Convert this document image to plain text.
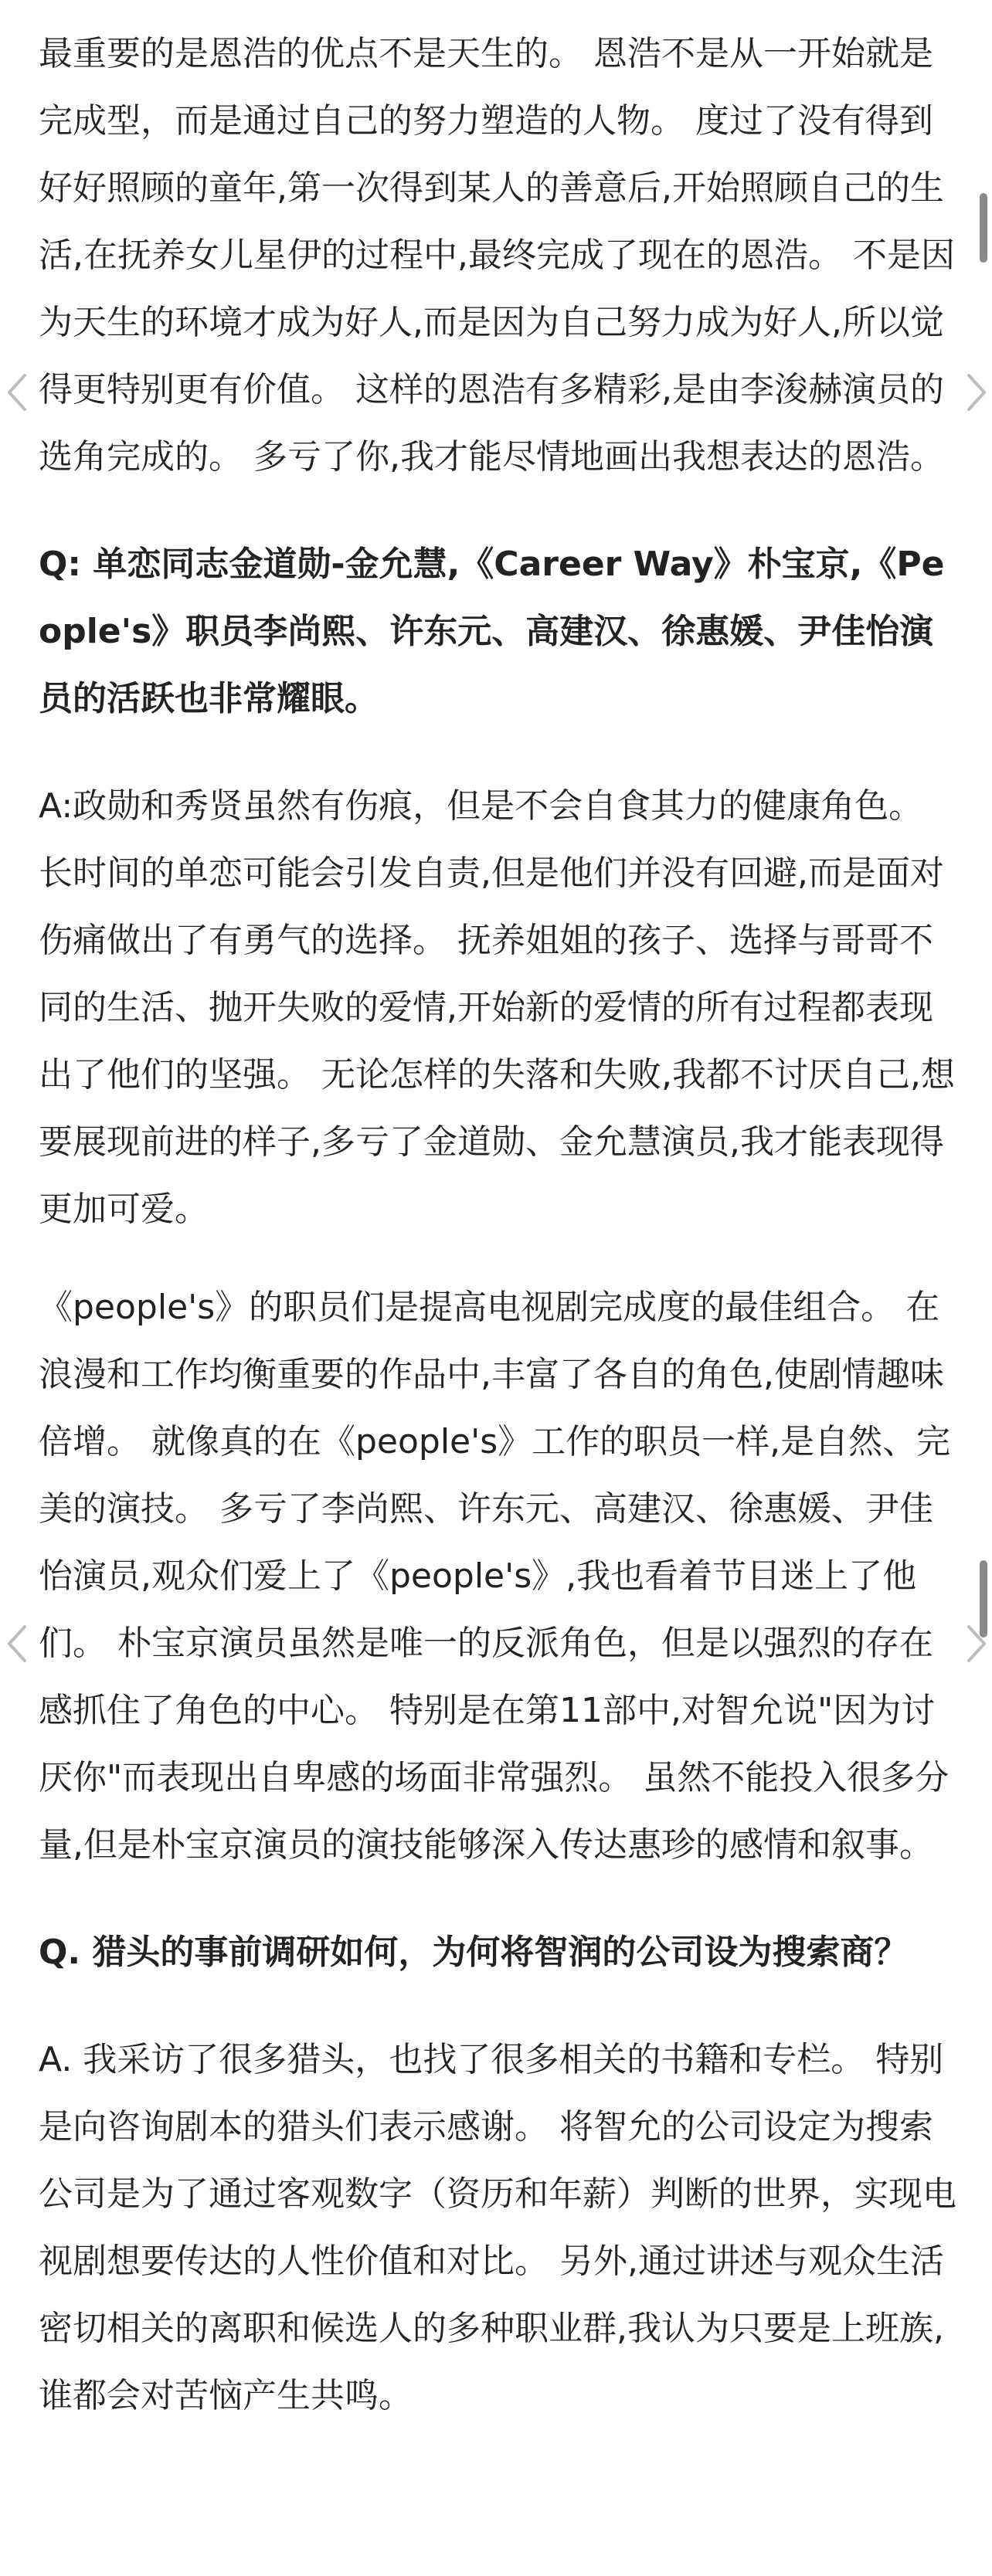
最重要的是恩浩的优点不是天生的。 恩浩不是从一开始就是完成型，而是通过自己的努力塑造的人物。 度过了没有得到好好照顾的童年,第一次得到某人的善意后,开始照顾自己的生活,在抚养女儿星伊的过程中,最终完成了现在的恩浩。 不是因为天生的环境才成为好人,而是因为自己努力成为好人,所以觉得更特别更有价值。 这样的恩浩有多精彩,是由李浚赫演员的选角完成的。 多亏了你,我才能尽情地画出我想表达的恩浩。

Q: 单恋同志金道勋-金允慧,《Career Way》朴宝京,《People's》职员李尚熙、许东元、高建汉、徐惠媛、尹佳怡演员的活跃也非常耀眼。

A:政勋和秀贤虽然有伤痕，但是不会自食其力的健康角色。 长时间的单恋可能会引发自责,但是他们并没有回避,而是面对伤痛做出了有勇气的选择。 抚养姐姐的孩子、选择与哥哥不同的生活、抛开失败的爱情,开始新的爱情的所有过程都表现出了他们的坚强。 无论怎样的失落和失败,我都不讨厌自己,想要展现前进的样子,多亏了金道勋、金允慧演员,我才能表现得更加可爱。

《people's》的职员们是提高电视剧完成度的最佳组合。 在浪漫和工作均衡重要的作品中,丰富了各自的角色,使剧情趣味倍增。 就像真的在《people's》工作的职员一样,是自然、完美的演技。 多亏了李尚熙、许东元、高建汉、徐惠媛、尹佳怡演员,观众们爱上了《people's》,我也看着节目迷上了他们。 朴宝京演员虽然是唯一的反派角色，但是以强烈的存在感抓住了角色的中心。 特别是在第11部中,对智允说"因为讨厌你"而表现出自卑感的场面非常强烈。 虽然不能投入很多分量,但是朴宝京演员的演技能够深入传达惠珍的感情和叙事。

Q. 猎头的事前调研如何，为何将智润的公司设为搜索商？

A. 我采访了很多猎头，也找了很多相关的书籍和专栏。 特别是向咨询剧本的猎头们表示感谢。 将智允的公司设定为搜索公司是为了通过客观数字（资历和年薪）判断的世界，实现电视剧想要传达的人性价值和对比。 另外,通过讲述与观众生活密切相关的离职和候选人的多种职业群,我认为只要是上班族,谁都会对苦恼产生共鸣。
